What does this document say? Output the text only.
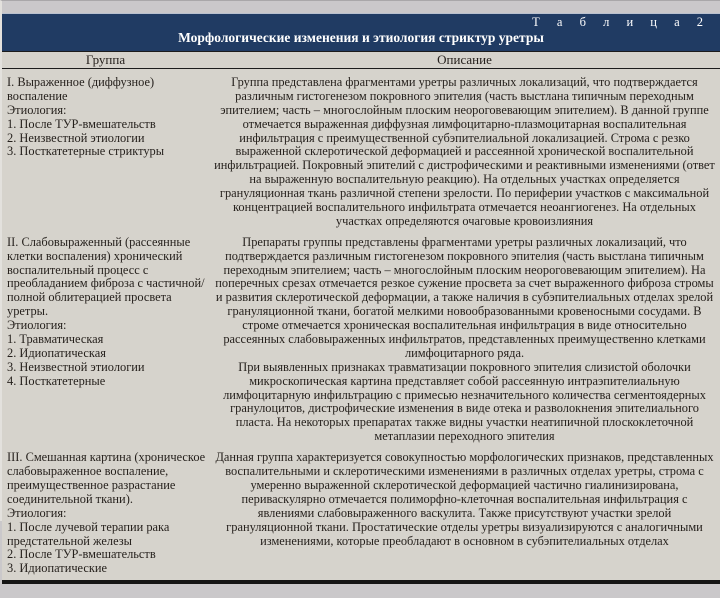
Т а б л и ц а 2
Морфологические изменения и этиология стриктур уретры
Группа	Описание
I. Выраженное (диффузное) воспаление
Этиология:
1. После ТУР-вмешательств
2. Неизвестной этиологии
3. Посткатетерные стриктуры

Группа представлена фрагментами уретры различных локализаций, что подтверждается различным гистогенезом покровного эпителия (часть выстлана типичным переходным эпителием; часть – многослойным плоским неороговевающим эпителием). В данной группе отмечается выраженная диффузная лимфоцитарно-плазмоцитарная воспалительная инфильтрация с преимущественной субэпителиальной локализацией. Строма с резко выраженной склеротической деформацией и рассеянной хронической воспалительной инфильтрацией. Покровный эпителий с дистрофическими и реактивными изменениями (ответ на выраженную воспалительную реакцию). На отдельных участках определяется грануляционная ткань различной степени зрелости. По периферии участков с максимальной концентрацией воспалительного инфильтрата отмечается неоангиогенез. На отдельных участках определяются очаговые кровоизлияния

II. Слабовыраженный (рассеянные клетки воспаления) хронический воспалительный процесс с преобладанием фиброза с частичной/полной облитерацией просвета уретры.
Этиология:
1. Травматическая
2. Идиопатическая
3. Неизвестной этиологии
4. Посткатетерные

Препараты группы представлены фрагментами уретры различных локализаций, что подтверждается различным гистогенезом покровного эпителия (часть выстлана типичным переходным эпителием; часть – многослойным плоским неороговевающим эпителием). На поперечных срезах отмечается резкое сужение просвета за счет выраженного фиброза стромы и развития склеротической деформации, а также наличия в субэпителиальных отделах зрелой грануляционной ткани, богатой мелкими новообразованными кровеносными сосудами. В строме отмечается хроническая воспалительная инфильтрация в виде относительно рассеянных слабовыраженных инфильтратов, представленных преимущественно клетками лимфоцитарного ряда.

При выявленных признаках травматизации покровного эпителия слизистой оболочки микроскопическая картина представляет собой рассеянную интраэпителиальную лимфоцитарную инфильтрацию с примесью незначительного количества сегментоядерных гранулоцитов, дистрофические изменения в виде отека и разволокнения эпителиального пласта. На некоторых препаратах также видны участки неатипичной плоскоклеточной метаплазии переходного эпителия

III. Смешанная картина (хроническое слабовыраженное воспаление, преимущественное разрастание соединительной ткани).
Этиология:
1. После лучевой терапии рака предстательной железы
2. После ТУР-вмешательств
3. Идиопатические

Данная группа характеризуется совокупностью морфологических признаков, представленных воспалительными и склеротическими изменениями в различных отделах уретры, строма с умеренно выраженной склеротической деформацией частично гиалинизирована, периваскулярно отмечается полиморфно-клеточная воспалительная инфильтрация с явлениями слабовыраженного васкулита. Также присутствуют участки зрелой грануляционной ткани. Простатические отделы уретры визуализируются с аналогичными изменениями, которые преобладают в основном в субэпителиальных отделах
